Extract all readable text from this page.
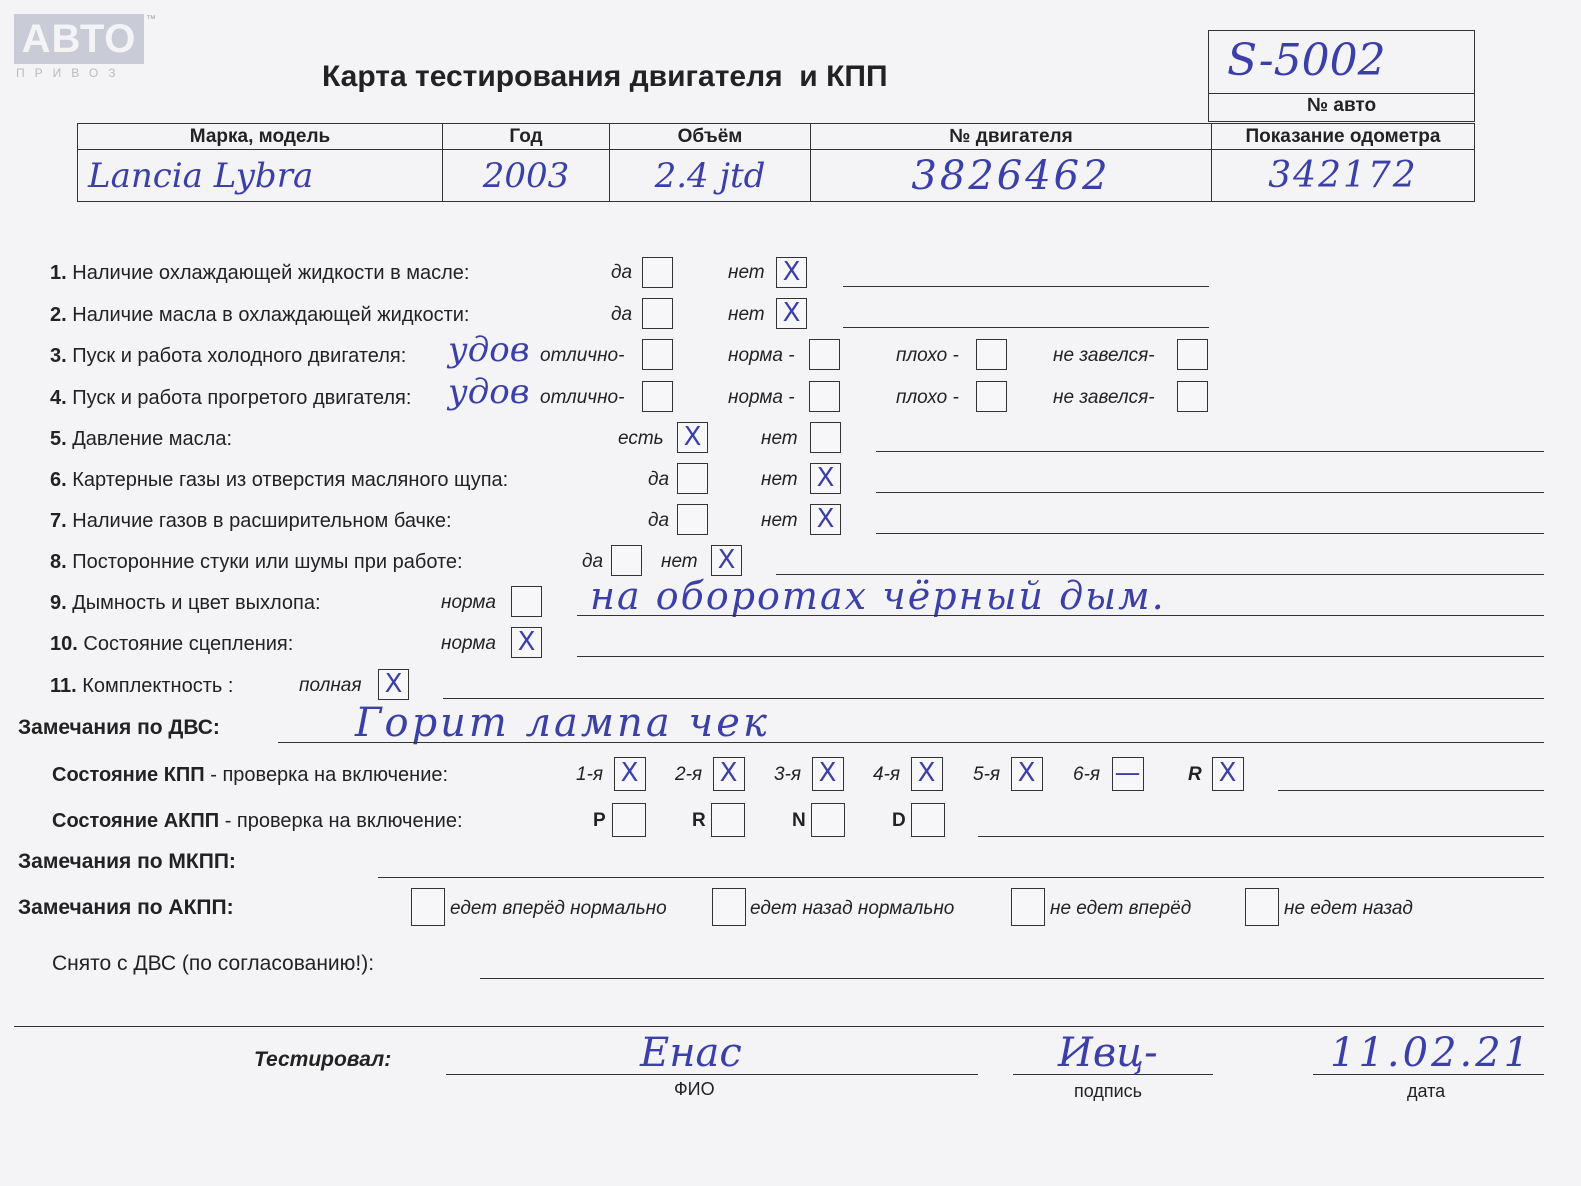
АВТО ™
ПРИВОЗ	Карта тестирования двигателя  и КПП	S-5002
№ авто
Марка, модель	Год	Объём	№ двигателя	Показание одометра
Lancia Lybra	2003	2.4 jtd	3826462	342172
1. Наличие охлаждающей жидкости в масле:	да	нет X
2. Наличие масла в охлаждающей жидкости:	да	нет X
3. Пуск и работа холодного двигателя: удов отлично-	норма -	плохо -	не завелся-
4. Пуск и работа прогретого двигателя: удов отлично-	норма -	плохо -	не завелся-
5. Давление масла:	есть X	нет
6. Картерные газы из отверстия масляного щупа:	да	нет X
7. Наличие газов в расширительном бачке:	да	нет X
8. Посторонние стуки или шумы при работе:	да	нет X
9. Дымность и цвет выхлопа:	норма на оборотах чёрный дым.
10. Состояние сцепления:	норма X
11. Комплектность :	полная X
Замечания по ДВС:	Горит лампа чек
Состояние КПП - проверка на включение:	1-я X	2-я X	3-я X	4-я X	5-я X	6-я —	R X
Состояние АКПП - проверка на включение:	P	R	N	D
Замечания по МКПП:
Замечания по АКПП:	едет вперёд нормально	едет назад нормально	не едет вперёд	не едет назад
Снято с ДВС (по согласованию!):
Тестировал:	Енас
ФИО
Ивц-
подпись
11.02.21
дата
